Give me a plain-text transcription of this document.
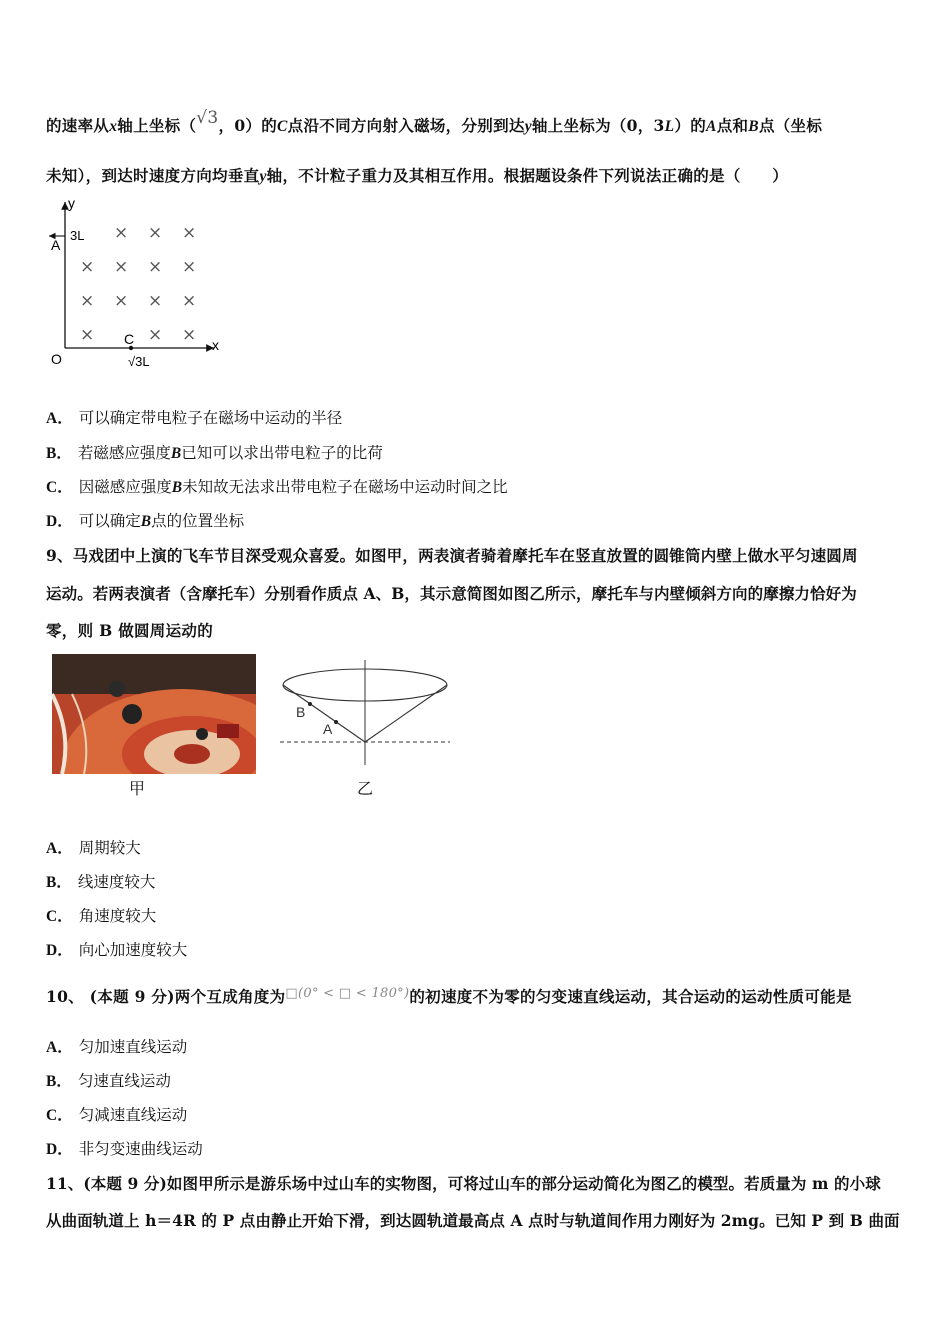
的速率从x轴上坐标（√3，0）的C点沿不同方向射入磁场，分别到达y轴上坐标为（0，3L）的A点和B点（坐标
未知），到达时速度方向均垂直y轴，不计粒子重力及其相互作用。根据题设条件下列说法正确的是（　　）
y
x
O
A
3L
C
√3L
× × ×
× × × ×
× × × ×
×	× ×
A． 可以确定带电粒子在磁场中运动的半径
B． 若磁感应强度B已知可以求出带电粒子的比荷
C． 因磁感应强度B未知故无法求出带电粒子在磁场中运动时间之比
D． 可以确定B点的位置坐标
9、马戏团中上演的飞车节目深受观众喜爱。如图甲，两表演者骑着摩托车在竖直放置的圆锥筒内壁上做水平匀速圆周
运动。若两表演者（含摩托车）分别看作质点 A、B，其示意简图如图乙所示，摩托车与内壁倾斜方向的摩擦力恰好为
零，则 B 做圆周运动的
甲
B
A
乙
A． 周期较大
B． 线速度较大
C． 角速度较大
D． 向心加速度较大
10、 (本题 9 分)两个互成角度为□(0° < □ < 180°)的初速度不为零的匀变速直线运动，其合运动的运动性质可能是
A． 匀加速直线运动
B． 匀速直线运动
C． 匀减速直线运动
D． 非匀变速曲线运动
11、(本题 9 分)如图甲所示是游乐场中过山车的实物图，可将过山车的部分运动简化为图乙的模型。若质量为 m 的小球
从曲面轨道上 h＝4R 的 P 点由静止开始下滑，到达圆轨道最高点 A 点时与轨道间作用力刚好为 2mg。已知 P 到 B 曲面
